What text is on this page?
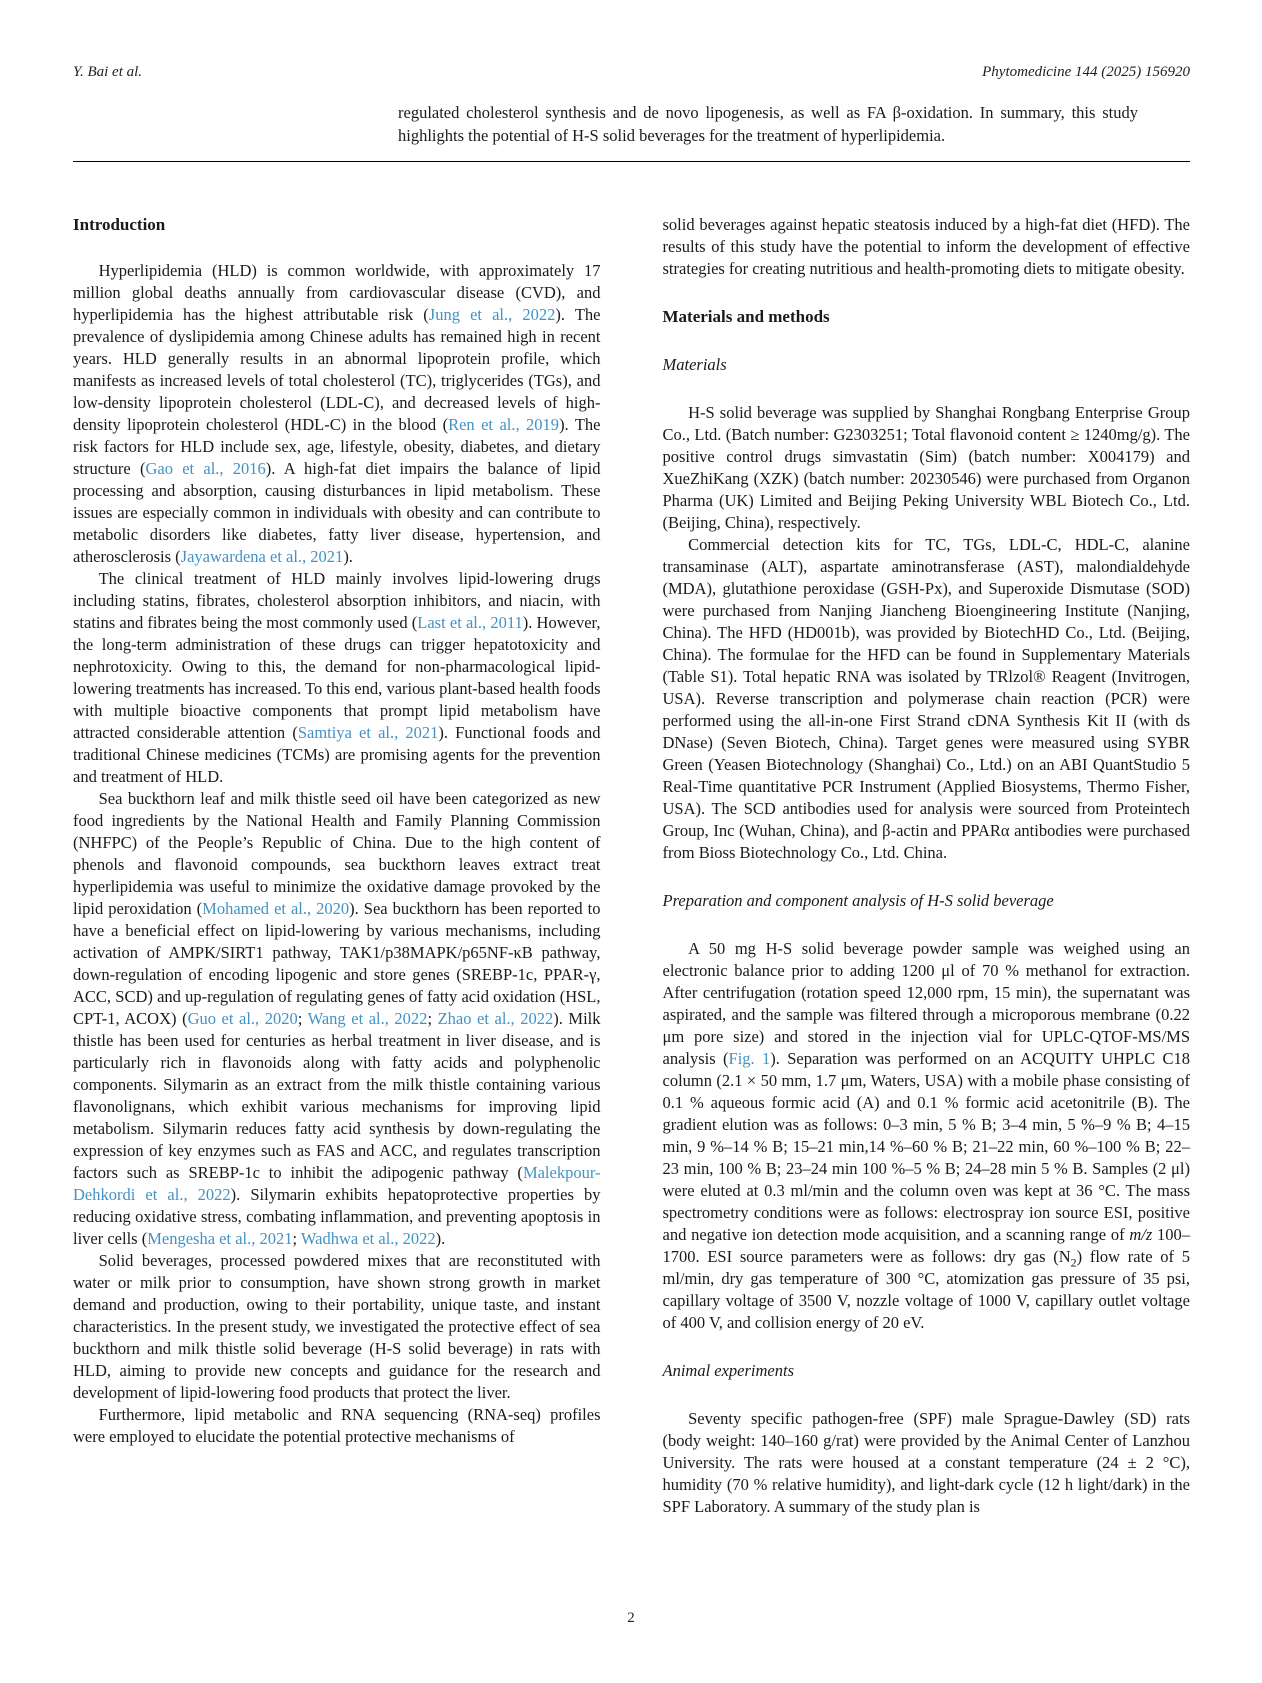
Y. Bai et al.	Phytomedicine 144 (2025) 156920
regulated cholesterol synthesis and de novo lipogenesis, as well as FA β-oxidation. In summary, this study highlights the potential of H-S solid beverages for the treatment of hyperlipidemia.
Introduction

Hyperlipidemia (HLD) is common worldwide, with approximately 17 million global deaths annually from cardiovascular disease (CVD), and hyperlipidemia has the highest attributable risk (Jung et al., 2022). The prevalence of dyslipidemia among Chinese adults has remained high in recent years. HLD generally results in an abnormal lipoprotein profile, which manifests as increased levels of total cholesterol (TC), triglycerides (TGs), and low-density lipoprotein cholesterol (LDL-C), and decreased levels of high-density lipoprotein cholesterol (HDL-C) in the blood (Ren et al., 2019). The risk factors for HLD include sex, age, lifestyle, obesity, diabetes, and dietary structure (Gao et al., 2016). A high-fat diet impairs the balance of lipid processing and absorption, causing disturbances in lipid metabolism. These issues are especially common in individuals with obesity and can contribute to metabolic disorders like diabetes, fatty liver disease, hypertension, and atherosclerosis (Jayawardena et al., 2021).

The clinical treatment of HLD mainly involves lipid-lowering drugs including statins, fibrates, cholesterol absorption inhibitors, and niacin, with statins and fibrates being the most commonly used (Last et al., 2011). However, the long-term administration of these drugs can trigger hepatotoxicity and nephrotoxicity. Owing to this, the demand for non-pharmacological lipid-lowering treatments has increased. To this end, various plant-based health foods with multiple bioactive components that prompt lipid metabolism have attracted considerable attention (Samtiya et al., 2021). Functional foods and traditional Chinese medicines (TCMs) are promising agents for the prevention and treatment of HLD.

Sea buckthorn leaf and milk thistle seed oil have been categorized as new food ingredients by the National Health and Family Planning Commission (NHFPC) of the People’s Republic of China. Due to the high content of phenols and flavonoid compounds, sea buckthorn leaves extract treat hyperlipidemia was useful to minimize the oxidative damage provoked by the lipid peroxidation (Mohamed et al., 2020). Sea buckthorn has been reported to have a beneficial effect on lipid-lowering by various mechanisms, including activation of AMPK/SIRT1 pathway, TAK1/p38MAPK/p65NF-κB pathway, down-regulation of encoding lipogenic and store genes (SREBP-1c, PPAR-γ, ACC, SCD) and up-regulation of regulating genes of fatty acid oxidation (HSL, CPT-1, ACOX) (Guo et al., 2020; Wang et al., 2022; Zhao et al., 2022). Milk thistle has been used for centuries as herbal treatment in liver disease, and is particularly rich in flavonoids along with fatty acids and polyphenolic components. Silymarin as an extract from the milk thistle containing various flavonolignans, which exhibit various mechanisms for improving lipid metabolism. Silymarin reduces fatty acid synthesis by down-regulating the expression of key enzymes such as FAS and ACC, and regulates transcription factors such as SREBP-1c to inhibit the adipogenic pathway (Malekpour-Dehkordi et al., 2022). Silymarin exhibits hepatoprotective properties by reducing oxidative stress, combating inflammation, and preventing apoptosis in liver cells (Mengesha et al., 2021; Wadhwa et al., 2022).

Solid beverages, processed powdered mixes that are reconstituted with water or milk prior to consumption, have shown strong growth in market demand and production, owing to their portability, unique taste, and instant characteristics. In the present study, we investigated the protective effect of sea buckthorn and milk thistle solid beverage (H-S solid beverage) in rats with HLD, aiming to provide new concepts and guidance for the research and development of lipid-lowering food products that protect the liver.

Furthermore, lipid metabolic and RNA sequencing (RNA-seq) profiles were employed to elucidate the potential protective mechanisms of

solid beverages against hepatic steatosis induced by a high-fat diet (HFD). The results of this study have the potential to inform the development of effective strategies for creating nutritious and health-promoting diets to mitigate obesity.

Materials and methods
Materials

H-S solid beverage was supplied by Shanghai Rongbang Enterprise Group Co., Ltd. (Batch number: G2303251; Total flavonoid content ≥ 1240mg/g). The positive control drugs simvastatin (Sim) (batch number: X004179) and XueZhiKang (XZK) (batch number: 20230546) were purchased from Organon Pharma (UK) Limited and Beijing Peking University WBL Biotech Co., Ltd. (Beijing, China), respectively.

Commercial detection kits for TC, TGs, LDL-C, HDL-C, alanine transaminase (ALT), aspartate aminotransferase (AST), malondialdehyde (MDA), glutathione peroxidase (GSH-Px), and Superoxide Dismutase (SOD) were purchased from Nanjing Jiancheng Bioengineering Institute (Nanjing, China). The HFD (HD001b), was provided by BiotechHD Co., Ltd. (Beijing, China). The formulae for the HFD can be found in Supplementary Materials (Table S1). Total hepatic RNA was isolated by TRlzol® Reagent (Invitrogen, USA). Reverse transcription and polymerase chain reaction (PCR) were performed using the all-in-one First Strand cDNA Synthesis Kit II (with ds DNase) (Seven Biotech, China). Target genes were measured using SYBR Green (Yeasen Biotechnology (Shanghai) Co., Ltd.) on an ABI QuantStudio 5 Real-Time quantitative PCR Instrument (Applied Biosystems, Thermo Fisher, USA). The SCD antibodies used for analysis were sourced from Proteintech Group, Inc (Wuhan, China), and β-actin and PPARα antibodies were purchased from Bioss Biotechnology Co., Ltd. China.

Preparation and component analysis of H-S solid beverage

A 50 mg H-S solid beverage powder sample was weighed using an electronic balance prior to adding 1200 μl of 70 % methanol for extraction. After centrifugation (rotation speed 12,000 rpm, 15 min), the supernatant was aspirated, and the sample was filtered through a microporous membrane (0.22 μm pore size) and stored in the injection vial for UPLC-QTOF-MS/MS analysis (Fig. 1). Separation was performed on an ACQUITY UHPLC C18 column (2.1 × 50 mm, 1.7 μm, Waters, USA) with a mobile phase consisting of 0.1 % aqueous formic acid (A) and 0.1 % formic acid acetonitrile (B). The gradient elution was as follows: 0–3 min, 5 % B; 3–4 min, 5 %–9 % B; 4–15 min, 9 %–14 % B; 15–21 min,14 %–60 % B; 21–22 min, 60 %–100 % B; 22–23 min, 100 % B; 23–24 min 100 %–5 % B; 24–28 min 5 % B. Samples (2 μl) were eluted at 0.3 ml/min and the column oven was kept at 36 °C. The mass spectrometry conditions were as follows: electrospray ion source ESI, positive and negative ion detection mode acquisition, and a scanning range of m/z 100–1700. ESI source parameters were as follows: dry gas $(N_2)$ flow rate of 5 ml/min, dry gas temperature of 300 °C, atomization gas pressure of 35 psi, capillary voltage of 3500 V, nozzle voltage of 1000 V, capillary outlet voltage of 400 V, and collision energy of 20 eV.

Animal experiments

Seventy specific pathogen-free (SPF) male Sprague-Dawley (SD) rats (body weight: 140–160 g/rat) were provided by the Animal Center of Lanzhou University. The rats were housed at a constant temperature (24 ± 2 °C), humidity (70 % relative humidity), and light-dark cycle (12 h light/dark) in the SPF Laboratory. A summary of the study plan is

2
